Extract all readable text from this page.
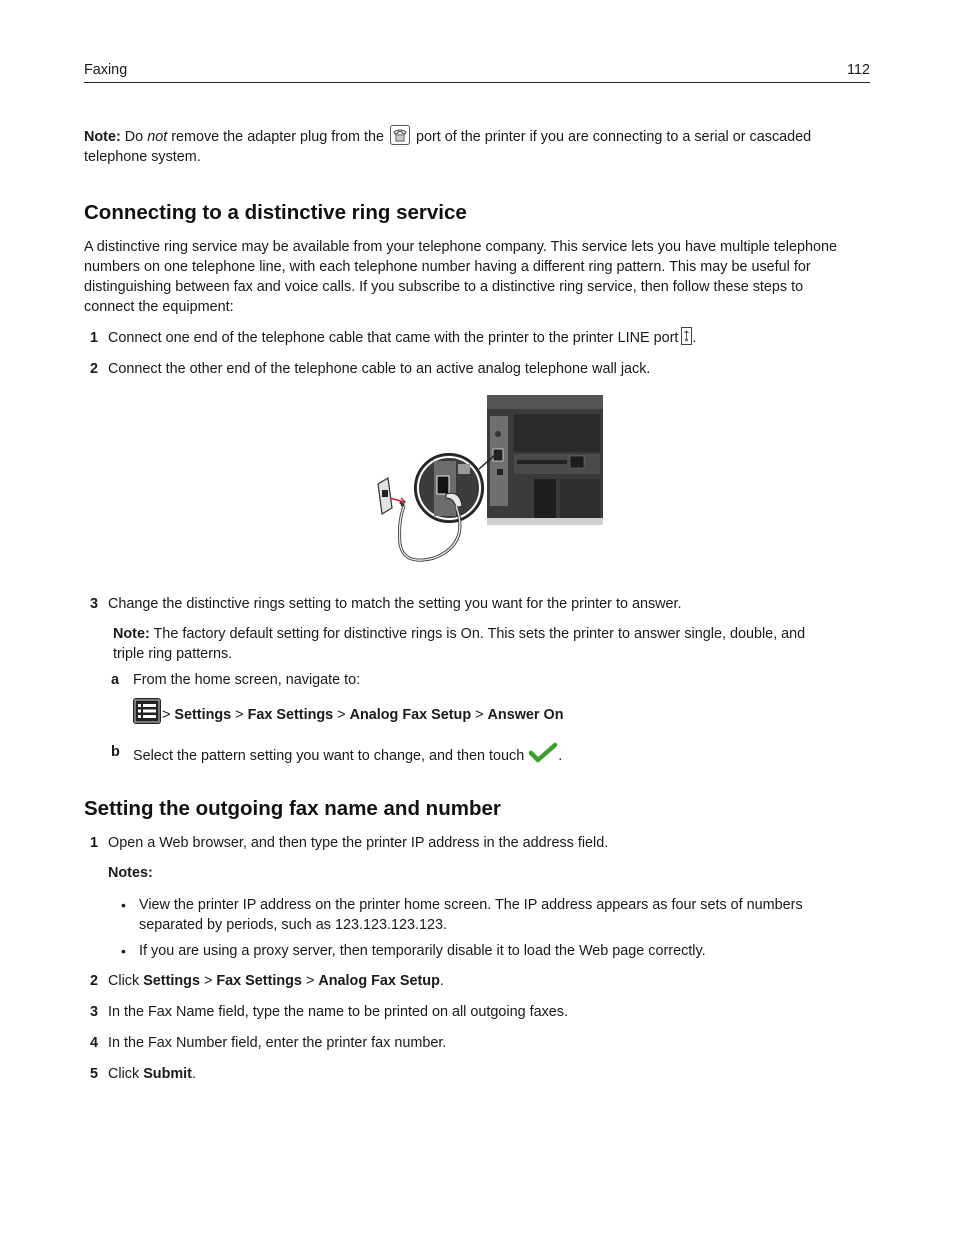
Faxing	112

Note: Do not remove the adapter plug from the  port of the printer if you are connecting to a serial or cascaded

telephone system.

Connecting to a distinctive ring service

A distinctive ring service may be available from your telephone company. This service lets you have multiple telephone

numbers on one telephone line, with each telephone number having a different ring pattern. This may be useful for

distinguishing between fax and voice calls. If you subscribe to a distinctive ring service, then follow these steps to

connect the equipment:

1 Connect one end of the telephone cable that came with the printer to the printer LINE port .
2 Connect the other end of the telephone cable to an active analog telephone wall jack.
3 Change the distinctive rings setting to match the setting you want for the printer to answer.

Note: The factory default setting for distinctive rings is On. This sets the printer to answer single, double, and

triple ring patterns.

a From the home screen, navigate to:
> Settings > Fax Settings > Analog Fax Setup > Answer On
b Select the pattern setting you want to change, and then touch .
Setting the outgoing fax name and number
1 Open a Web browser, and then type the printer IP address in the address field.
Notes:
• View the printer IP address on the printer home screen. The IP address appears as four sets of numbers

separated by periods, such as 123.123.123.123.

• If you are using a proxy server, then temporarily disable it to load the Web page correctly.
2 Click Settings > Fax Settings > Analog Fax Setup.
3 In the Fax Name field, type the name to be printed on all outgoing faxes.
4 In the Fax Number field, enter the printer fax number.
5 Click Submit.
